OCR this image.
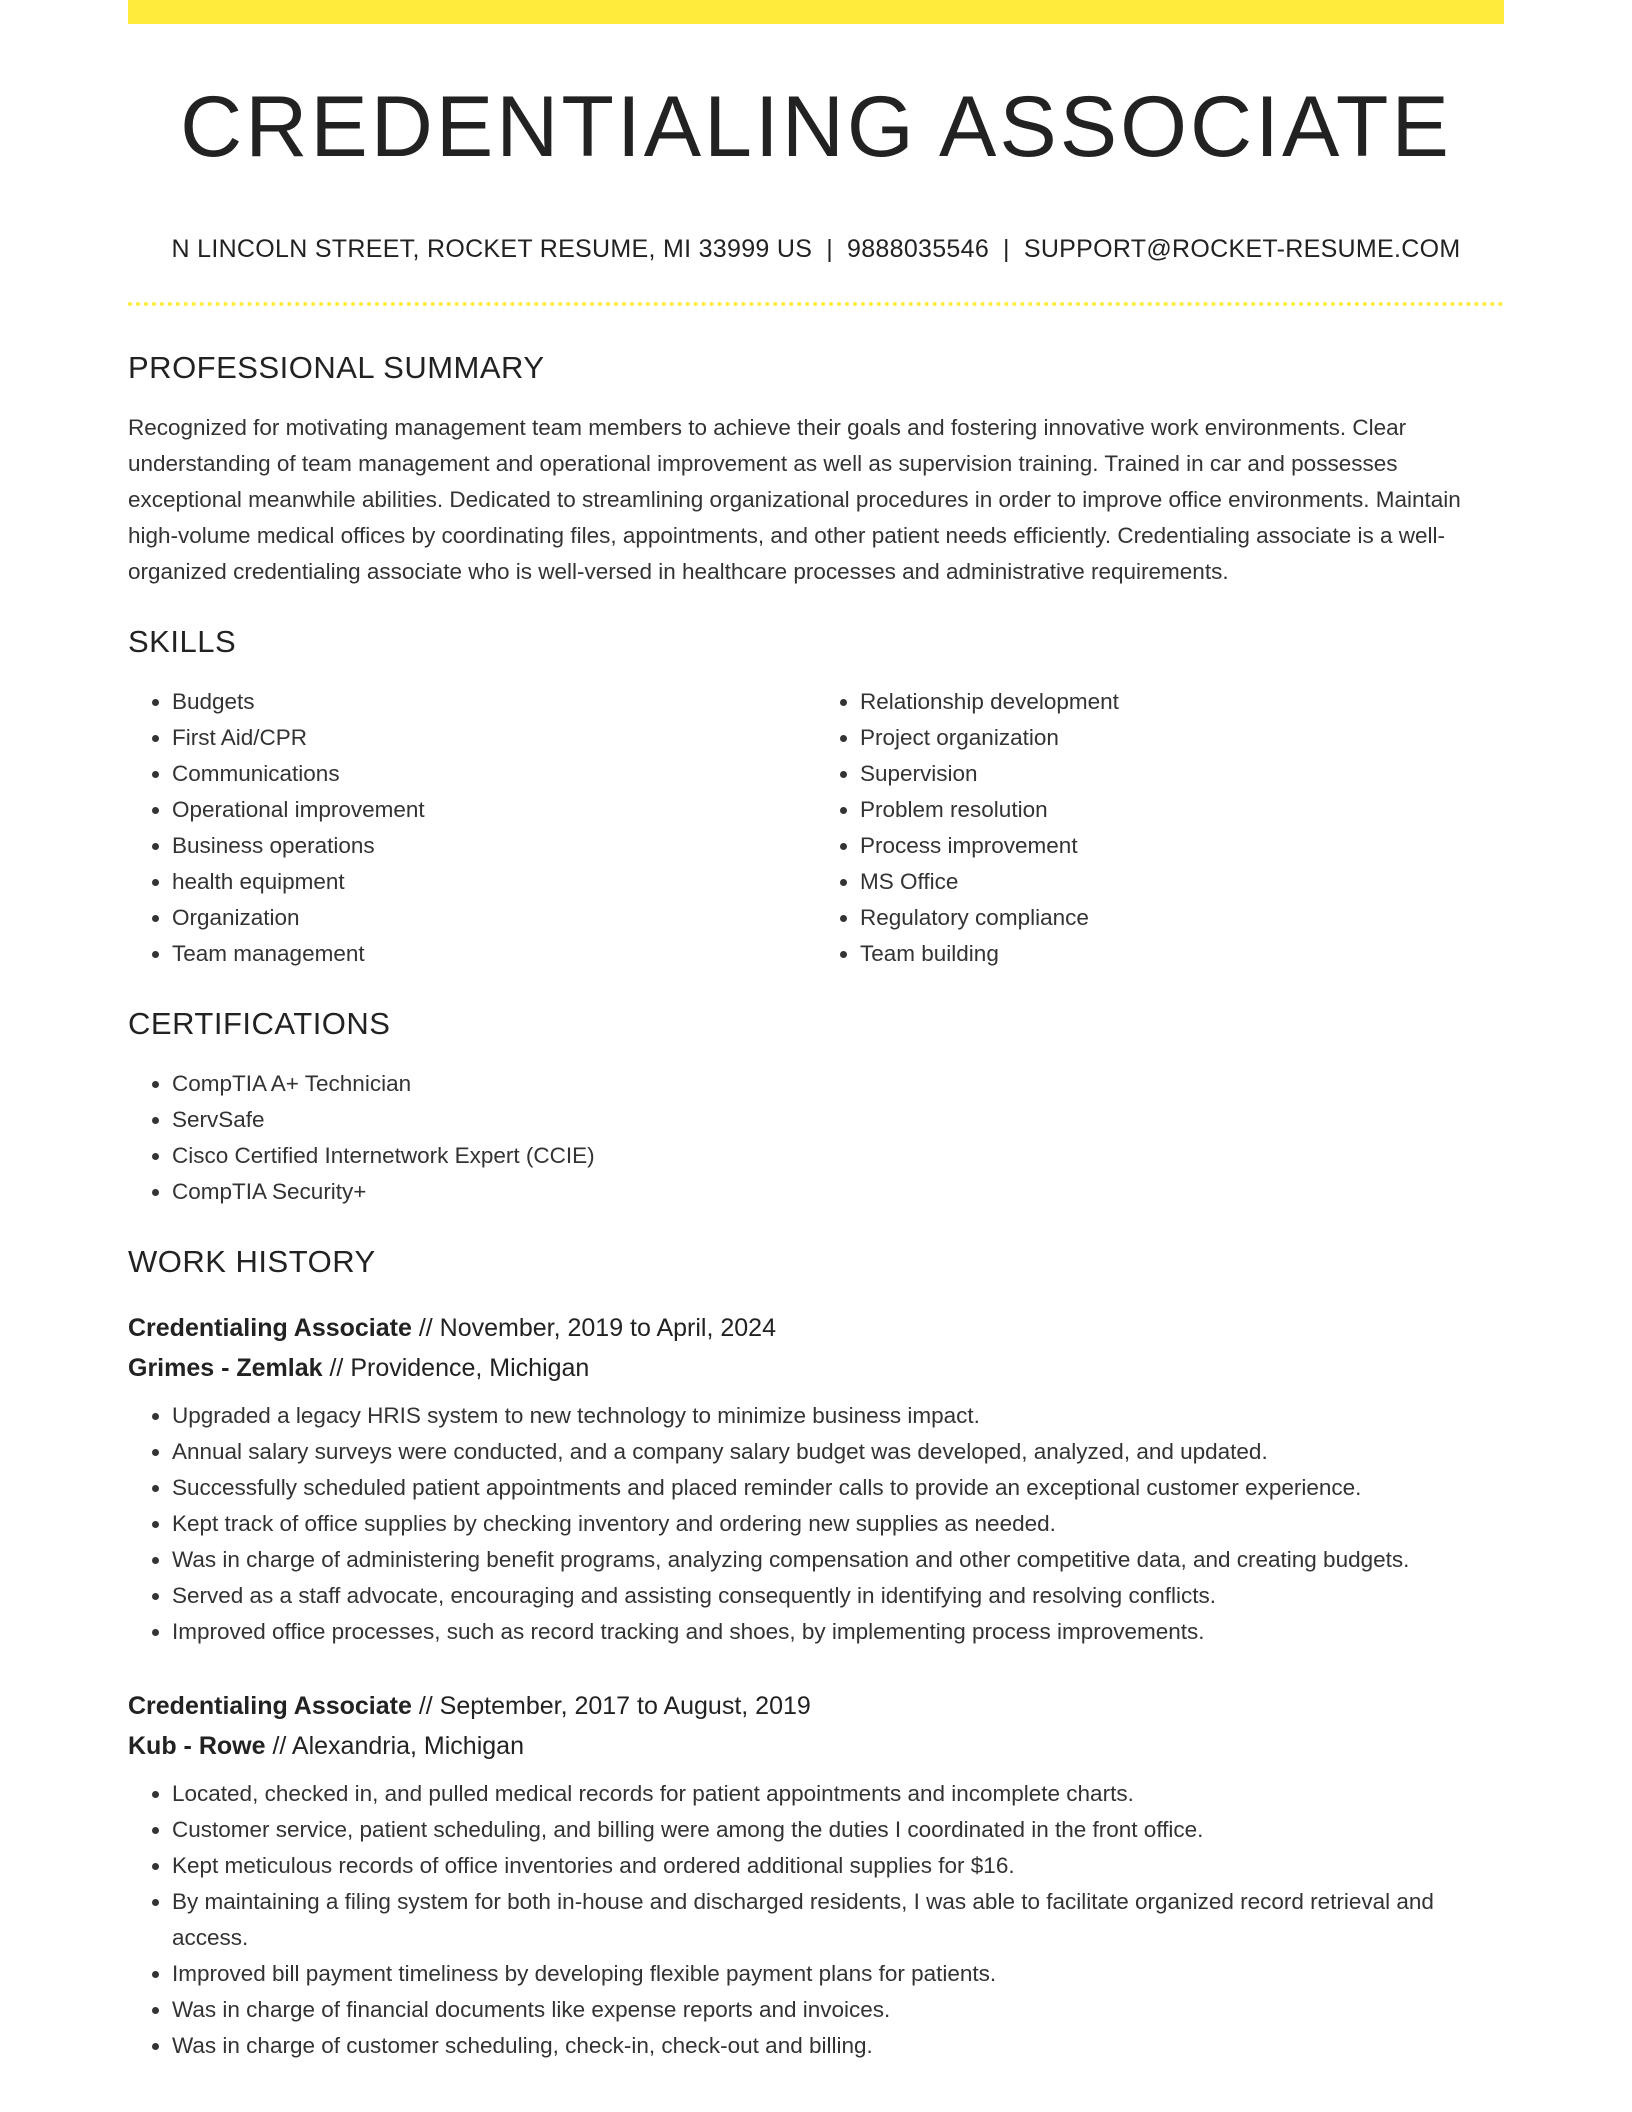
CREDENTIALING ASSOCIATE
N LINCOLN STREET, ROCKET RESUME, MI 33999 US | 9888035546 | SUPPORT@ROCKET-RESUME.COM
PROFESSIONAL SUMMARY

Recognized for motivating management team members to achieve their goals and fostering innovative work environments. Clear understanding of team management and operational improvement as well as supervision training. Trained in car and possesses exceptional meanwhile abilities. Dedicated to streamlining organizational procedures in order to improve office environments. Maintain high-volume medical offices by coordinating files, appointments, and other patient needs efficiently. Credentialing associate is a well-organized credentialing associate who is well-versed in healthcare processes and administrative requirements.

SKILLS
• Budgets
• First Aid/CPR
• Communications
• Operational improvement
• Business operations
• health equipment
• Organization
• Team management
• Relationship development
• Project organization
• Supervision
• Problem resolution
• Process improvement
• MS Office
• Regulatory compliance
• Team building
CERTIFICATIONS
• CompTIA A+ Technician
• ServSafe
• Cisco Certified Internetwork Expert (CCIE)
• CompTIA Security+
WORK HISTORY
Credentialing Associate // November, 2019 to April, 2024
Grimes - Zemlak // Providence, Michigan
• Upgraded a legacy HRIS system to new technology to minimize business impact.
• Annual salary surveys were conducted, and a company salary budget was developed, analyzed, and updated.
• Successfully scheduled patient appointments and placed reminder calls to provide an exceptional customer experience.
• Kept track of office supplies by checking inventory and ordering new supplies as needed.
• Was in charge of administering benefit programs, analyzing compensation and other competitive data, and creating budgets.
• Served as a staff advocate, encouraging and assisting consequently in identifying and resolving conflicts.
• Improved office processes, such as record tracking and shoes, by implementing process improvements.
Credentialing Associate // September, 2017 to August, 2019
Kub - Rowe // Alexandria, Michigan
• Located, checked in, and pulled medical records for patient appointments and incomplete charts.
• Customer service, patient scheduling, and billing were among the duties I coordinated in the front office.
• Kept meticulous records of office inventories and ordered additional supplies for $16.
• By maintaining a filing system for both in-house and discharged residents, I was able to facilitate organized record retrieval and access.
• Improved bill payment timeliness by developing flexible payment plans for patients.
• Was in charge of financial documents like expense reports and invoices.
• Was in charge of customer scheduling, check-in, check-out and billing.
